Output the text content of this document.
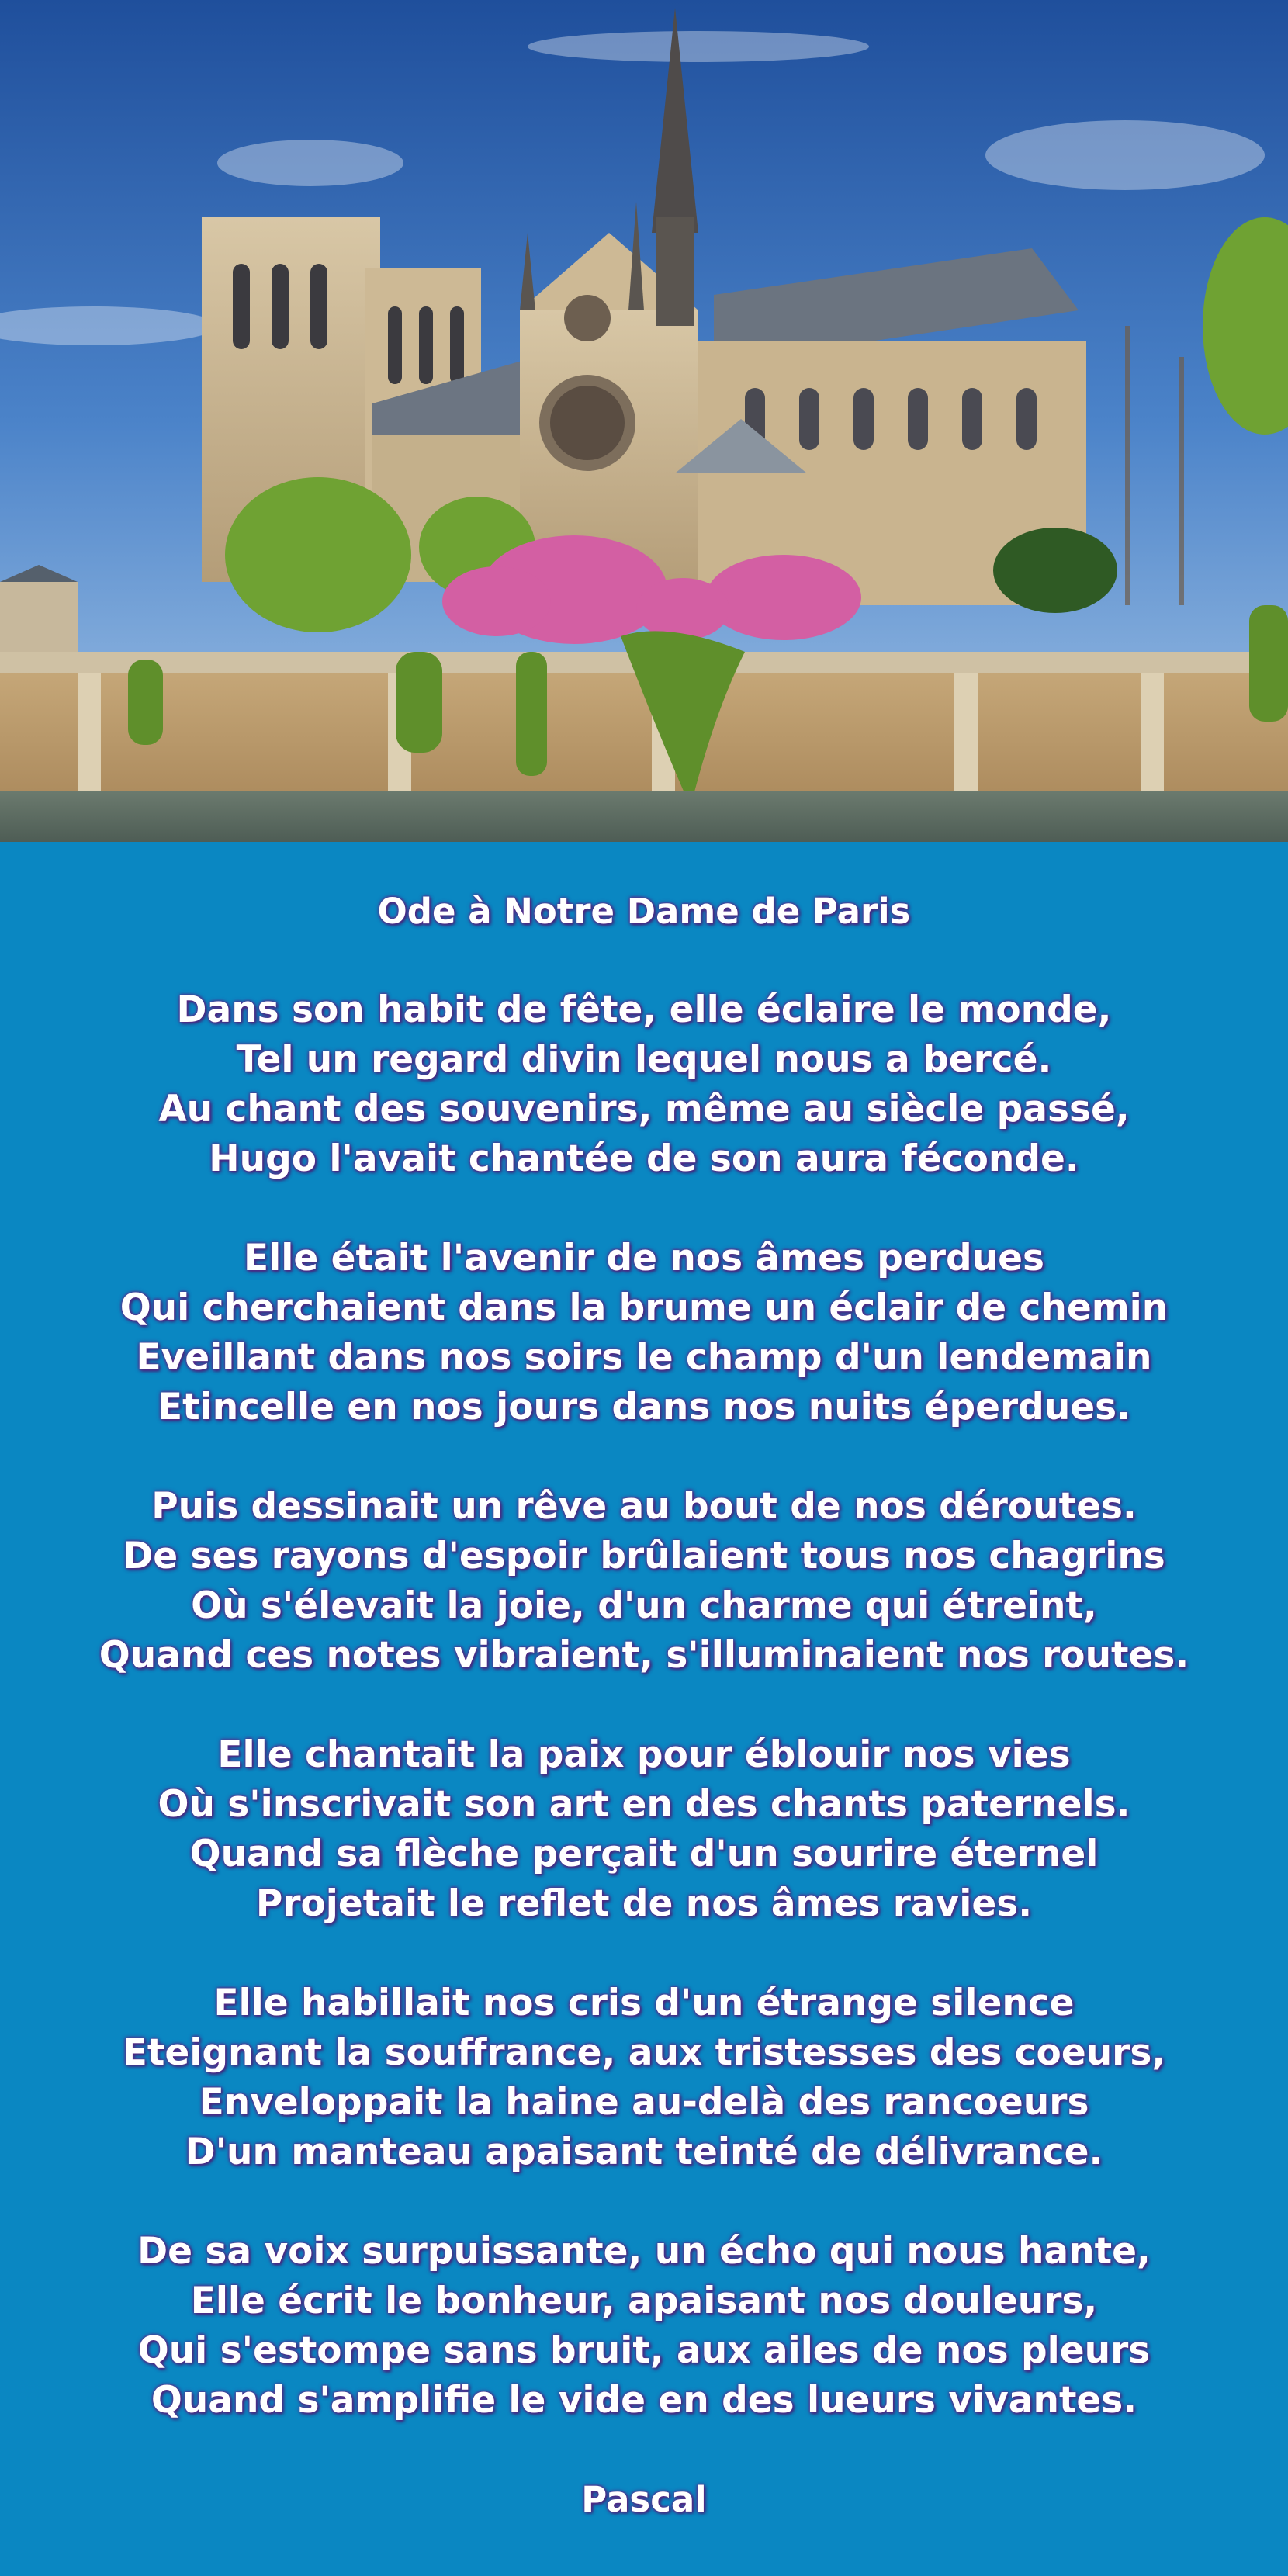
Ode à Notre Dame de Paris
Dans son habit de fête, elle éclaire le monde,
Tel un regard divin lequel nous a bercé.
Au chant des souvenirs, même au siècle passé,
Hugo l'avait chantée de son aura féconde.
Elle était l'avenir de nos âmes perdues
Qui cherchaient dans la brume un éclair de chemin
Eveillant dans nos soirs le champ d'un lendemain
Etincelle en nos jours dans nos nuits éperdues.
Puis dessinait un rêve au bout de nos déroutes.
De ses rayons d'espoir brûlaient tous nos chagrins
Où s'élevait la joie, d'un charme qui étreint,
Quand ces notes vibraient, s'illuminaient nos routes.
Elle chantait la paix pour éblouir nos vies
Où s'inscrivait son art en des chants paternels.
Quand sa flèche perçait d'un sourire éternel
Projetait le reflet de nos âmes ravies.
Elle habillait nos cris d'un étrange silence
Eteignant la souffrance, aux tristesses des coeurs,
Enveloppait la haine au-delà des rancoeurs
D'un manteau apaisant teinté de délivrance.
De sa voix surpuissante, un écho qui nous hante,
Elle écrit le bonheur, apaisant nos douleurs,
Qui s'estompe sans bruit, aux ailes de nos pleurs
Quand s'amplifie le vide en des lueurs vivantes.
Pascal
